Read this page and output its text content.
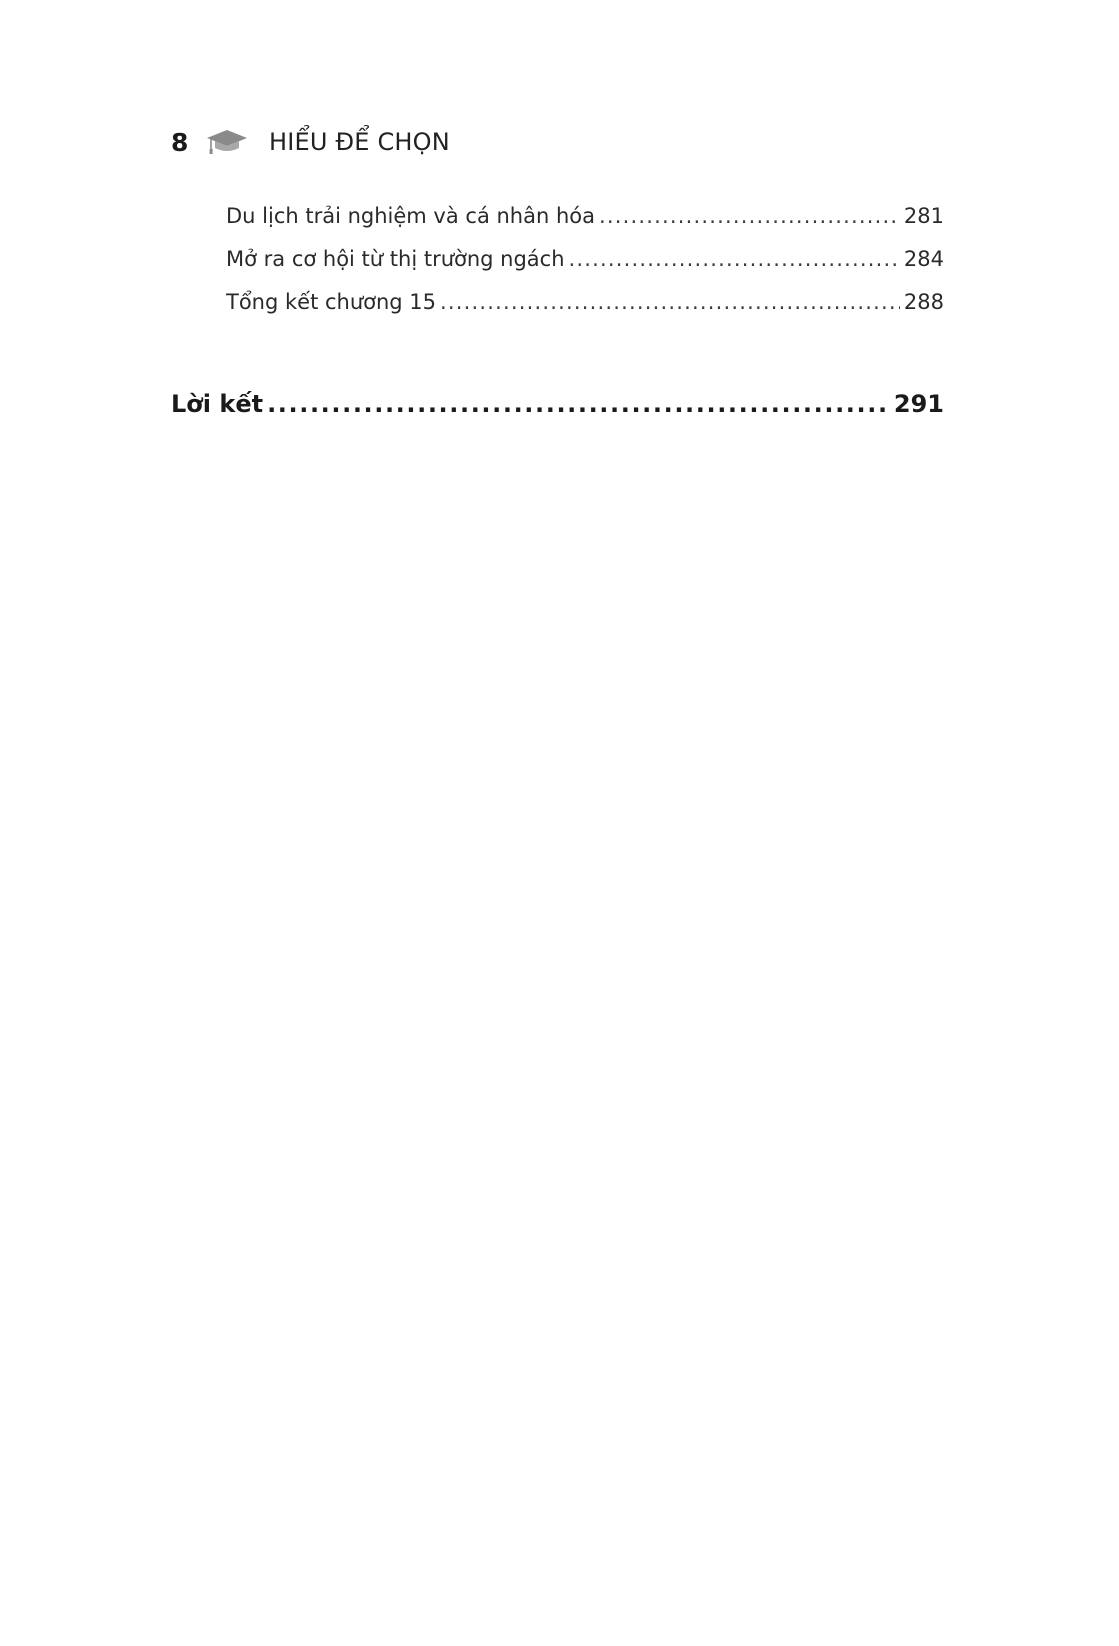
8	HIỂU ĐỂ CHỌN
Du lịch trải nghiệm và cá nhân hóa .....	281
Mở ra cơ hội từ thị trường ngách .....	284
Tổng kết chương 15 .....	288
Lời kết .....	291
